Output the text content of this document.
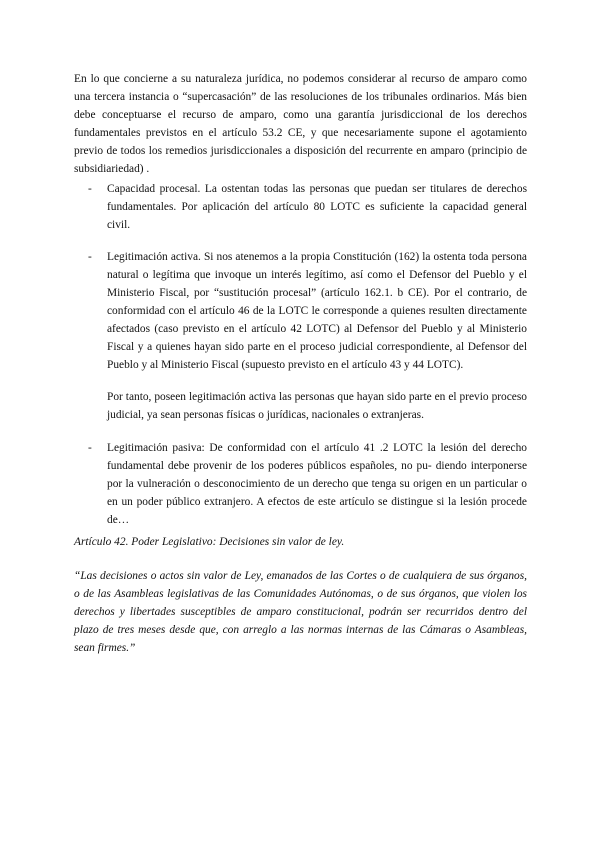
En lo que concierne a su naturaleza jurídica, no podemos considerar al recurso de amparo como una tercera instancia o “supercasación” de las resoluciones de los tribunales ordinarios. Más bien debe conceptuarse el recurso de amparo, como una garantía jurisdiccional de los derechos fundamentales previstos en el artículo 53.2 CE, y que necesariamente supone el agotamiento previo de todos los remedios jurisdiccionales a disposición del recurrente en amparo (principio de subsidiariedad) .

- Capacidad procesal. La ostentan todas las personas que puedan ser titulares de derechos fundamentales. Por aplicación del artículo 80 LOTC es suficiente la capacidad general civil.

- Legitimación activa. Si nos atenemos a la propia Constitución (162) la ostenta toda persona natural o legítima que invoque un interés legítimo, así como el Defensor del Pueblo y el Ministerio Fiscal, por “sustitución procesal” (artículo 162.1. b CE). Por el contrario, de conformidad con el artículo 46 de la LOTC le corresponde a quienes resulten directamente afectados (caso previsto en el artículo 42 LOTC) al Defensor del Pueblo y al Ministerio Fiscal y a quienes hayan sido parte en el proceso judicial correspondiente, al Defensor del Pueblo y al Ministerio Fiscal (supuesto previsto en el artículo 43 y 44 LOTC).

Por tanto, poseen legitimación activa las personas que hayan sido parte en el previo proceso judicial, ya sean personas físicas o jurídicas, nacionales o extranjeras.

- Legitimación pasiva: De conformidad con el artículo 41 .2 LOTC la lesión del derecho fundamental debe provenir de los poderes públicos españoles, no pu- diendo interponerse por la vulneración o desconocimiento de un derecho que tenga su origen en un particular o en un poder público extranjero. A efectos de este artículo se distingue si la lesión procede de…

Artículo 42. Poder Legislativo: Decisiones sin valor de ley.

“Las decisiones o actos sin valor de Ley, emanados de las Cortes o de cualquiera de sus órganos, o de las Asambleas legislativas de las Comunidades Autónomas, o de sus órganos, que violen los derechos y libertades susceptibles de amparo constitucional, podrán ser recurridos dentro del plazo de tres meses desde que, con arreglo a las normas internas de las Cámaras o Asambleas, sean firmes.”
